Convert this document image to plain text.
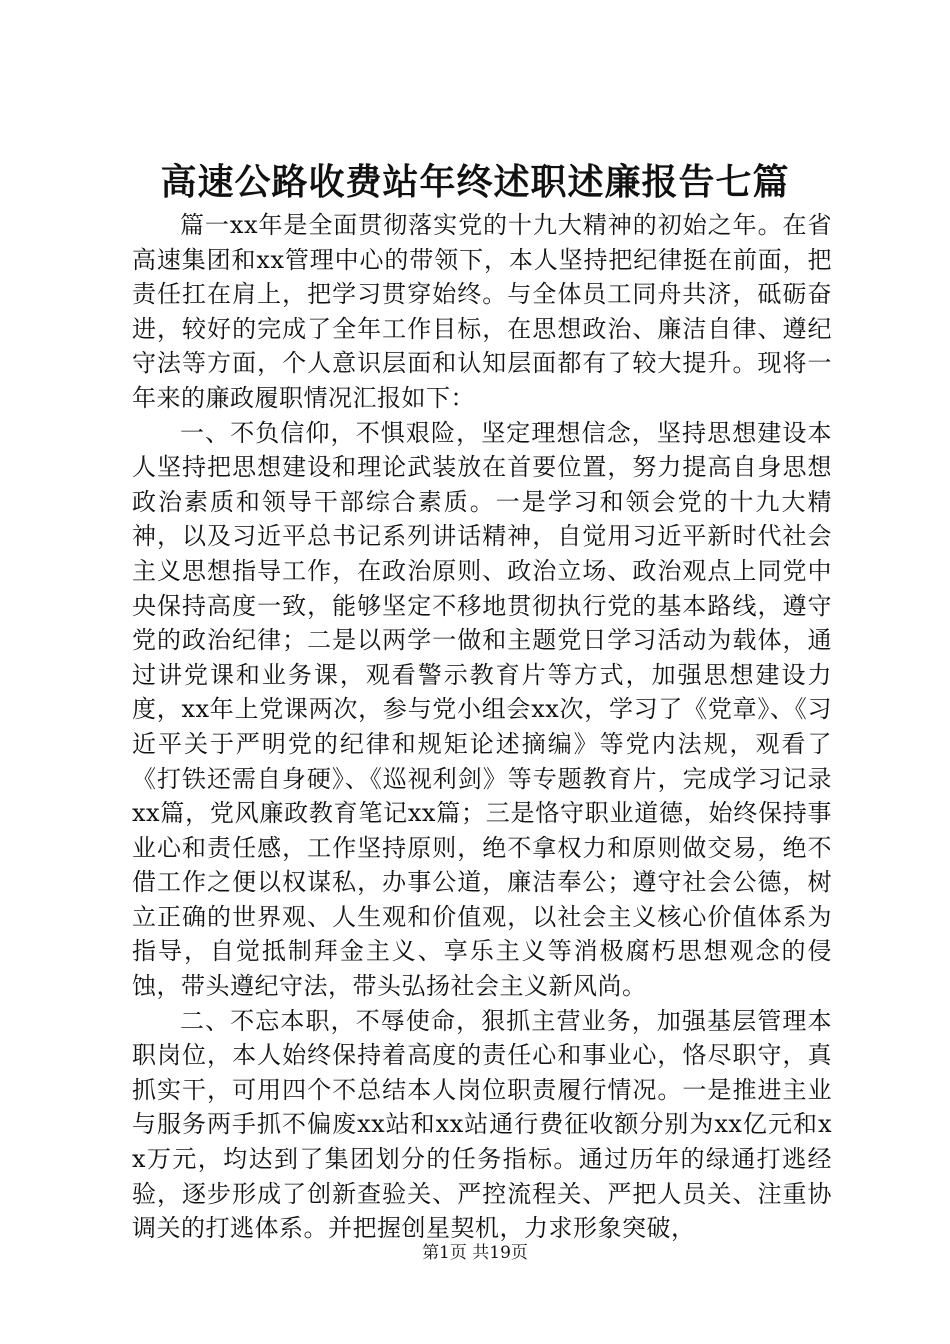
高速公路收费站年终述职述廉报告七篇

篇一xx年是全面贯彻落实党的十九大精神的初始之年。在省高速集团和xx管理中心的带领下，本人坚持把纪律挺在前面，把责任扛在肩上，把学习贯穿始终。与全体员工同舟共济，砥砺奋进，较好的完成了全年工作目标，在思想政治、廉洁自律、遵纪守法等方面，个人意识层面和认知层面都有了较大提升。现将一年来的廉政履职情况汇报如下：

一、不负信仰，不惧艰险，坚定理想信念，坚持思想建设本人坚持把思想建设和理论武装放在首要位置，努力提高自身思想政治素质和领导干部综合素质。一是学习和领会党的十九大精神，以及习近平总书记系列讲话精神，自觉用习近平新时代社会主义思想指导工作，在政治原则、政治立场、政治观点上同党中央保持高度一致，能够坚定不移地贯彻执行党的基本路线，遵守党的政治纪律；二是以两学一做和主题党日学习活动为载体，通过讲党课和业务课，观看警示教育片等方式，加强思想建设力度，xx年上党课两次，参与党小组会xx次，学习了《党章》、《习近平关于严明党的纪律和规矩论述摘编》等党内法规，观看了《打铁还需自身硬》、《巡视利剑》等专题教育片，完成学习记录xx篇，党风廉政教育笔记xx篇；三是恪守职业道德，始终保持事业心和责任感，工作坚持原则，绝不拿权力和原则做交易，绝不借工作之便以权谋私，办事公道，廉洁奉公；遵守社会公德，树立正确的世界观、人生观和价值观，以社会主义核心价值体系为指导，自觉抵制拜金主义、享乐主义等消极腐朽思想观念的侵蚀，带头遵纪守法，带头弘扬社会主义新风尚。

二、不忘本职，不辱使命，狠抓主营业务，加强基层管理本职岗位，本人始终保持着高度的责任心和事业心，恪尽职守，真抓实干，可用四个不总结本人岗位职责履行情况。一是推进主业与服务两手抓不偏废xx站和xx站通行费征收额分别为xx亿元和xx万元，均达到了集团划分的任务指标。通过历年的绿通打逃经验，逐步形成了创新查验关、严控流程关、严把人员关、注重协调关的打逃体系。并把握创星契机，力求形象突破，

第1页 共19页
